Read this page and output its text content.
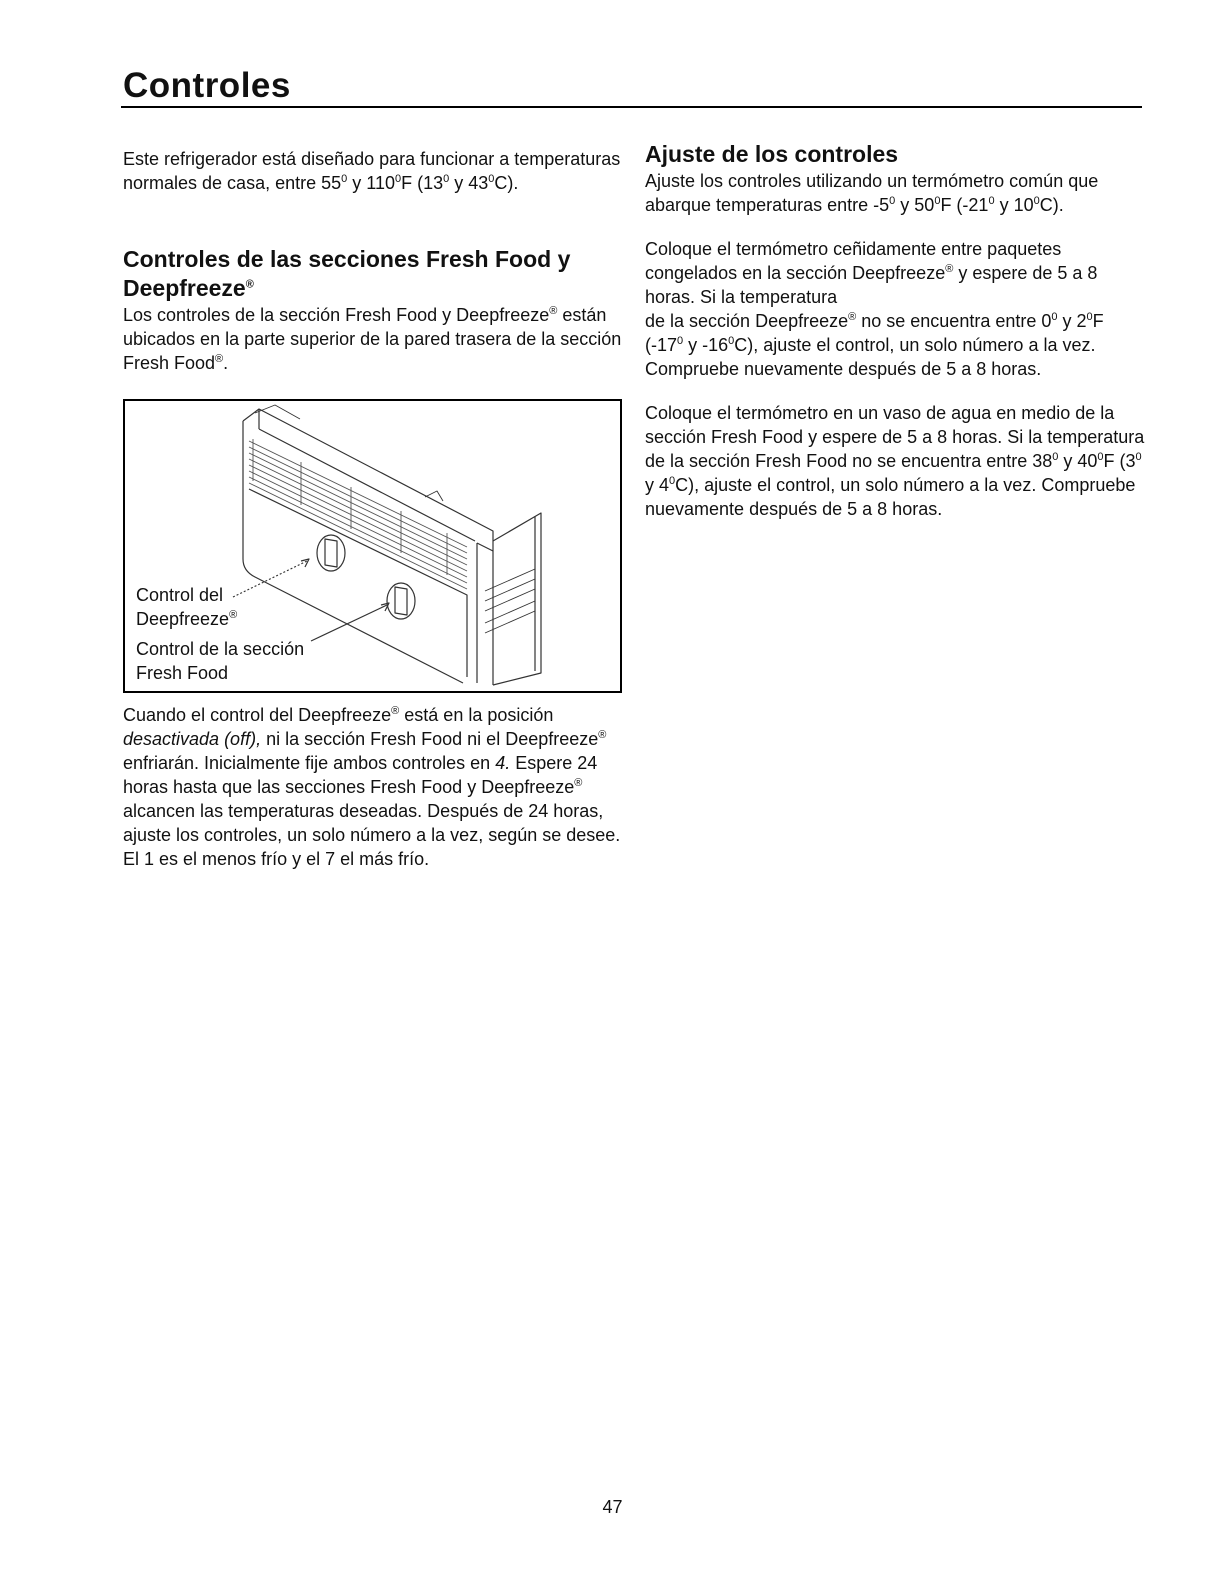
Controles

Este refrigerador está diseñado para funcionar a temperaturas normales de casa, entre $55^0$ y $110^0F$ ($13^0$ y $43^0C$).

Controles de las secciones Fresh Food y Deepfreeze®

Los controles de la sección Fresh Food y Deepfreeze® están ubicados en la parte superior de la pared trasera de la sección Fresh Food®.

Control del
Deepfreeze®
Control de la sección
Fresh Food

Cuando el control del Deepfreeze® está en la posición desactivada (off), ni la sección Fresh Food ni el Deepfreeze® enfriarán. Inicialmente fije ambos controles en 4. Espere 24 horas hasta que las secciones Fresh Food y Deepfreeze® alcancen las temperaturas deseadas. Después de 24 horas, ajuste los controles, un solo número a la vez, según se desee. El 1 es el menos frío y el 7 el más frío.

Ajuste de los controles

Ajuste los controles utilizando un termómetro común que abarque temperaturas entre $-5^0$ y $50^0F$ ($-21^0$ y $10^0C$).

Coloque el termómetro ceñidamente entre paquetes congelados en la sección Deepfreeze® y espere de 5 a 8 horas. Si la temperatura
de la sección Deepfreeze® no se encuentra entre $0^0$ y $2^0F$ ($-17^0$ y $-16^0C$), ajuste el control, un solo número a la vez. Compruebe nuevamente después de 5 a 8 horas.

Coloque el termómetro en un vaso de agua en medio de la sección Fresh Food y espere de 5 a 8 horas. Si la temperatura de la sección Fresh Food no se encuentra entre $38^0$ y $40^0F$ ($3^0$ y $4^0C$), ajuste el control, un solo número a la vez. Compruebe nuevamente después de 5 a 8 horas.

47
